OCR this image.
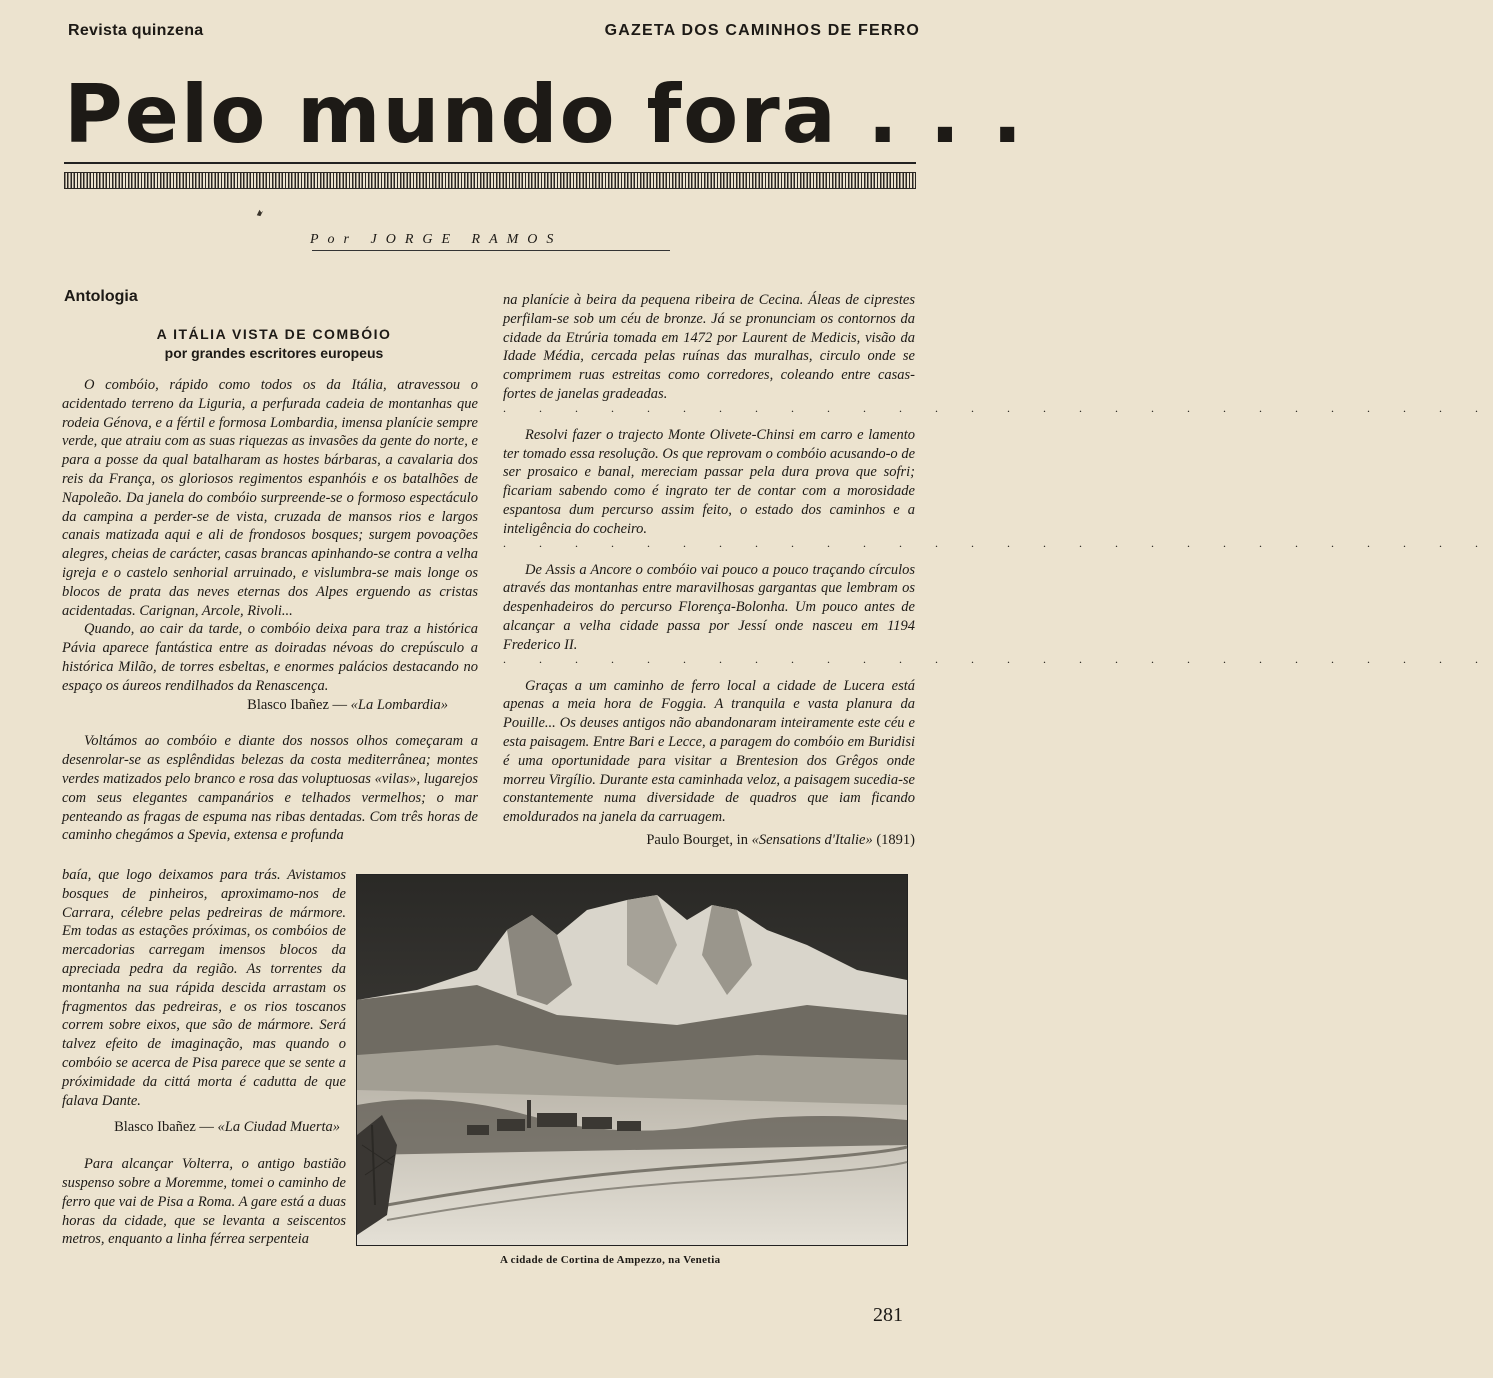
Revista quinzena	GAZETA DOS CAMINHOS DE FERRO
Pelo mundo fora . . .
Por JORGE RAMOS
Antologia
A ITÁLIA VISTA DE COMBÓIO
por grandes escritores europeus

O combóio, rápido como todos os da Itália, atravessou o acidentado terreno da Liguria, a perfurada cadeia de montanhas que rodeia Génova, e a fértil e formosa Lombardia, imensa planície sempre verde, que atraiu com as suas riquezas as invasões da gente do norte, e para a posse da qual batalharam as hostes bárbaras, a cavalaria dos reis da França, os gloriosos regimentos espanhóis e os batalhões de Napoleão. Da janela do combóio surpreende-se o formoso espectáculo da campina a perder-se de vista, cruzada de mansos rios e largos canais matizada aqui e ali de frondosos bosques; surgem povoações alegres, cheias de carácter, casas brancas apinhando-se contra a velha igreja e o castelo senhorial arruinado, e vislumbra-se mais longe os blocos de prata das neves eternas dos Alpes erguendo as cristas acidentadas. Carignan, Arcole, Rivoli...

Quando, ao cair da tarde, o combóio deixa para traz a histórica Pávia aparece fantástica entre as doiradas névoas do crepúsculo a histórica Milão, de torres esbeltas, e enormes palácios destacando no espaço os áureos rendilhados da Renascença.

Blasco Ibañez — «La Lombardia»

Voltámos ao combóio e diante dos nossos olhos começaram a desenrolar-se as esplêndidas belezas da costa mediterrânea; montes verdes matizados pelo branco e rosa das voluptuosas «vilas», lugarejos com seus elegantes campanários e telhados vermelhos; o mar penteando as fragas de espuma nas ribas dentadas. Com três horas de caminho chegámos a Spevia, extensa e profunda

baía, que logo deixamos para trás. Avistamos bosques de pinheiros, aproximamo-nos de Carrara, célebre pelas pedreiras de mármore. Em todas as estações próximas, os combóios de mercadorias carregam imensos blocos da apreciada pedra da região. As torrentes da montanha na sua rápida descida arrastam os fragmentos das pedreiras, e os rios toscanos correm sobre eixos, que são de mármore. Será talvez efeito de imaginação, mas quando o combóio se acerca de Pisa parece que se sente a próximidade da cittá morta é cadutta de que falava Dante.

Blasco Ibañez — «La Ciudad Muerta»

Para alcançar Volterra, o antigo bastião suspenso sobre a Moremme, tomei o caminho de ferro que vai de Pisa a Roma. A gare está a duas horas da cidade, que se levanta a seiscentos metros, enquanto a linha férrea serpenteia

na planície à beira da pequena ribeira de Cecina. Áleas de ciprestes perfilam-se sob um céu de bronze. Já se pronunciam os contornos da cidade da Etrúria tomada em 1472 por Laurent de Medicis, visão da Idade Média, cercada pelas ruínas das muralhas, circulo onde se comprimem ruas estreitas como corredores, coleando entre casas-fortes de janelas gradeadas.

. . . . . . . . . . . . . . . . . . . . . . . . . . . .

Resolvi fazer o trajecto Monte Olivete-Chinsi em carro e lamento ter tomado essa resolução. Os que reprovam o combóio acusando-o de ser prosaico e banal, mereciam passar pela dura prova que sofri; ficariam sabendo como é ingrato ter de contar com a morosidade espantosa dum percurso assim feito, o estado dos caminhos e a inteligência do cocheiro.

. . . . . . . . . . . . . . . . . . . . . . . . . . . .

De Assis a Ancore o combóio vai pouco a pouco traçando círculos através das montanhas entre maravilhosas gargantas que lembram os despenhadeiros do percurso Florença-Bolonha. Um pouco antes de alcançar a velha cidade passa por Jessí onde nasceu em 1194 Frederico II.

. . . . . . . . . . . . . . . . . . . . . . . . . . . .

Graças a um caminho de ferro local a cidade de Lucera está apenas a meia hora de Foggia. A tranquila e vasta planura da Pouille... Os deuses antigos não abandonaram inteiramente este céu e esta paisagem. Entre Bari e Lecce, a paragem do combóio em Buridisi é uma oportunidade para visitar a Brentesion dos Grêgos onde morreu Virgílio. Durante esta caminhada veloz, a paisagem sucedia-se constantemente numa diversidade de quadros que iam ficando emoldurados na janela da carruagem.

Paulo Bourget, in «Sensations d'Italie» (1891)

A cidade de Cortina de Ampezzo, na Venetia
281
